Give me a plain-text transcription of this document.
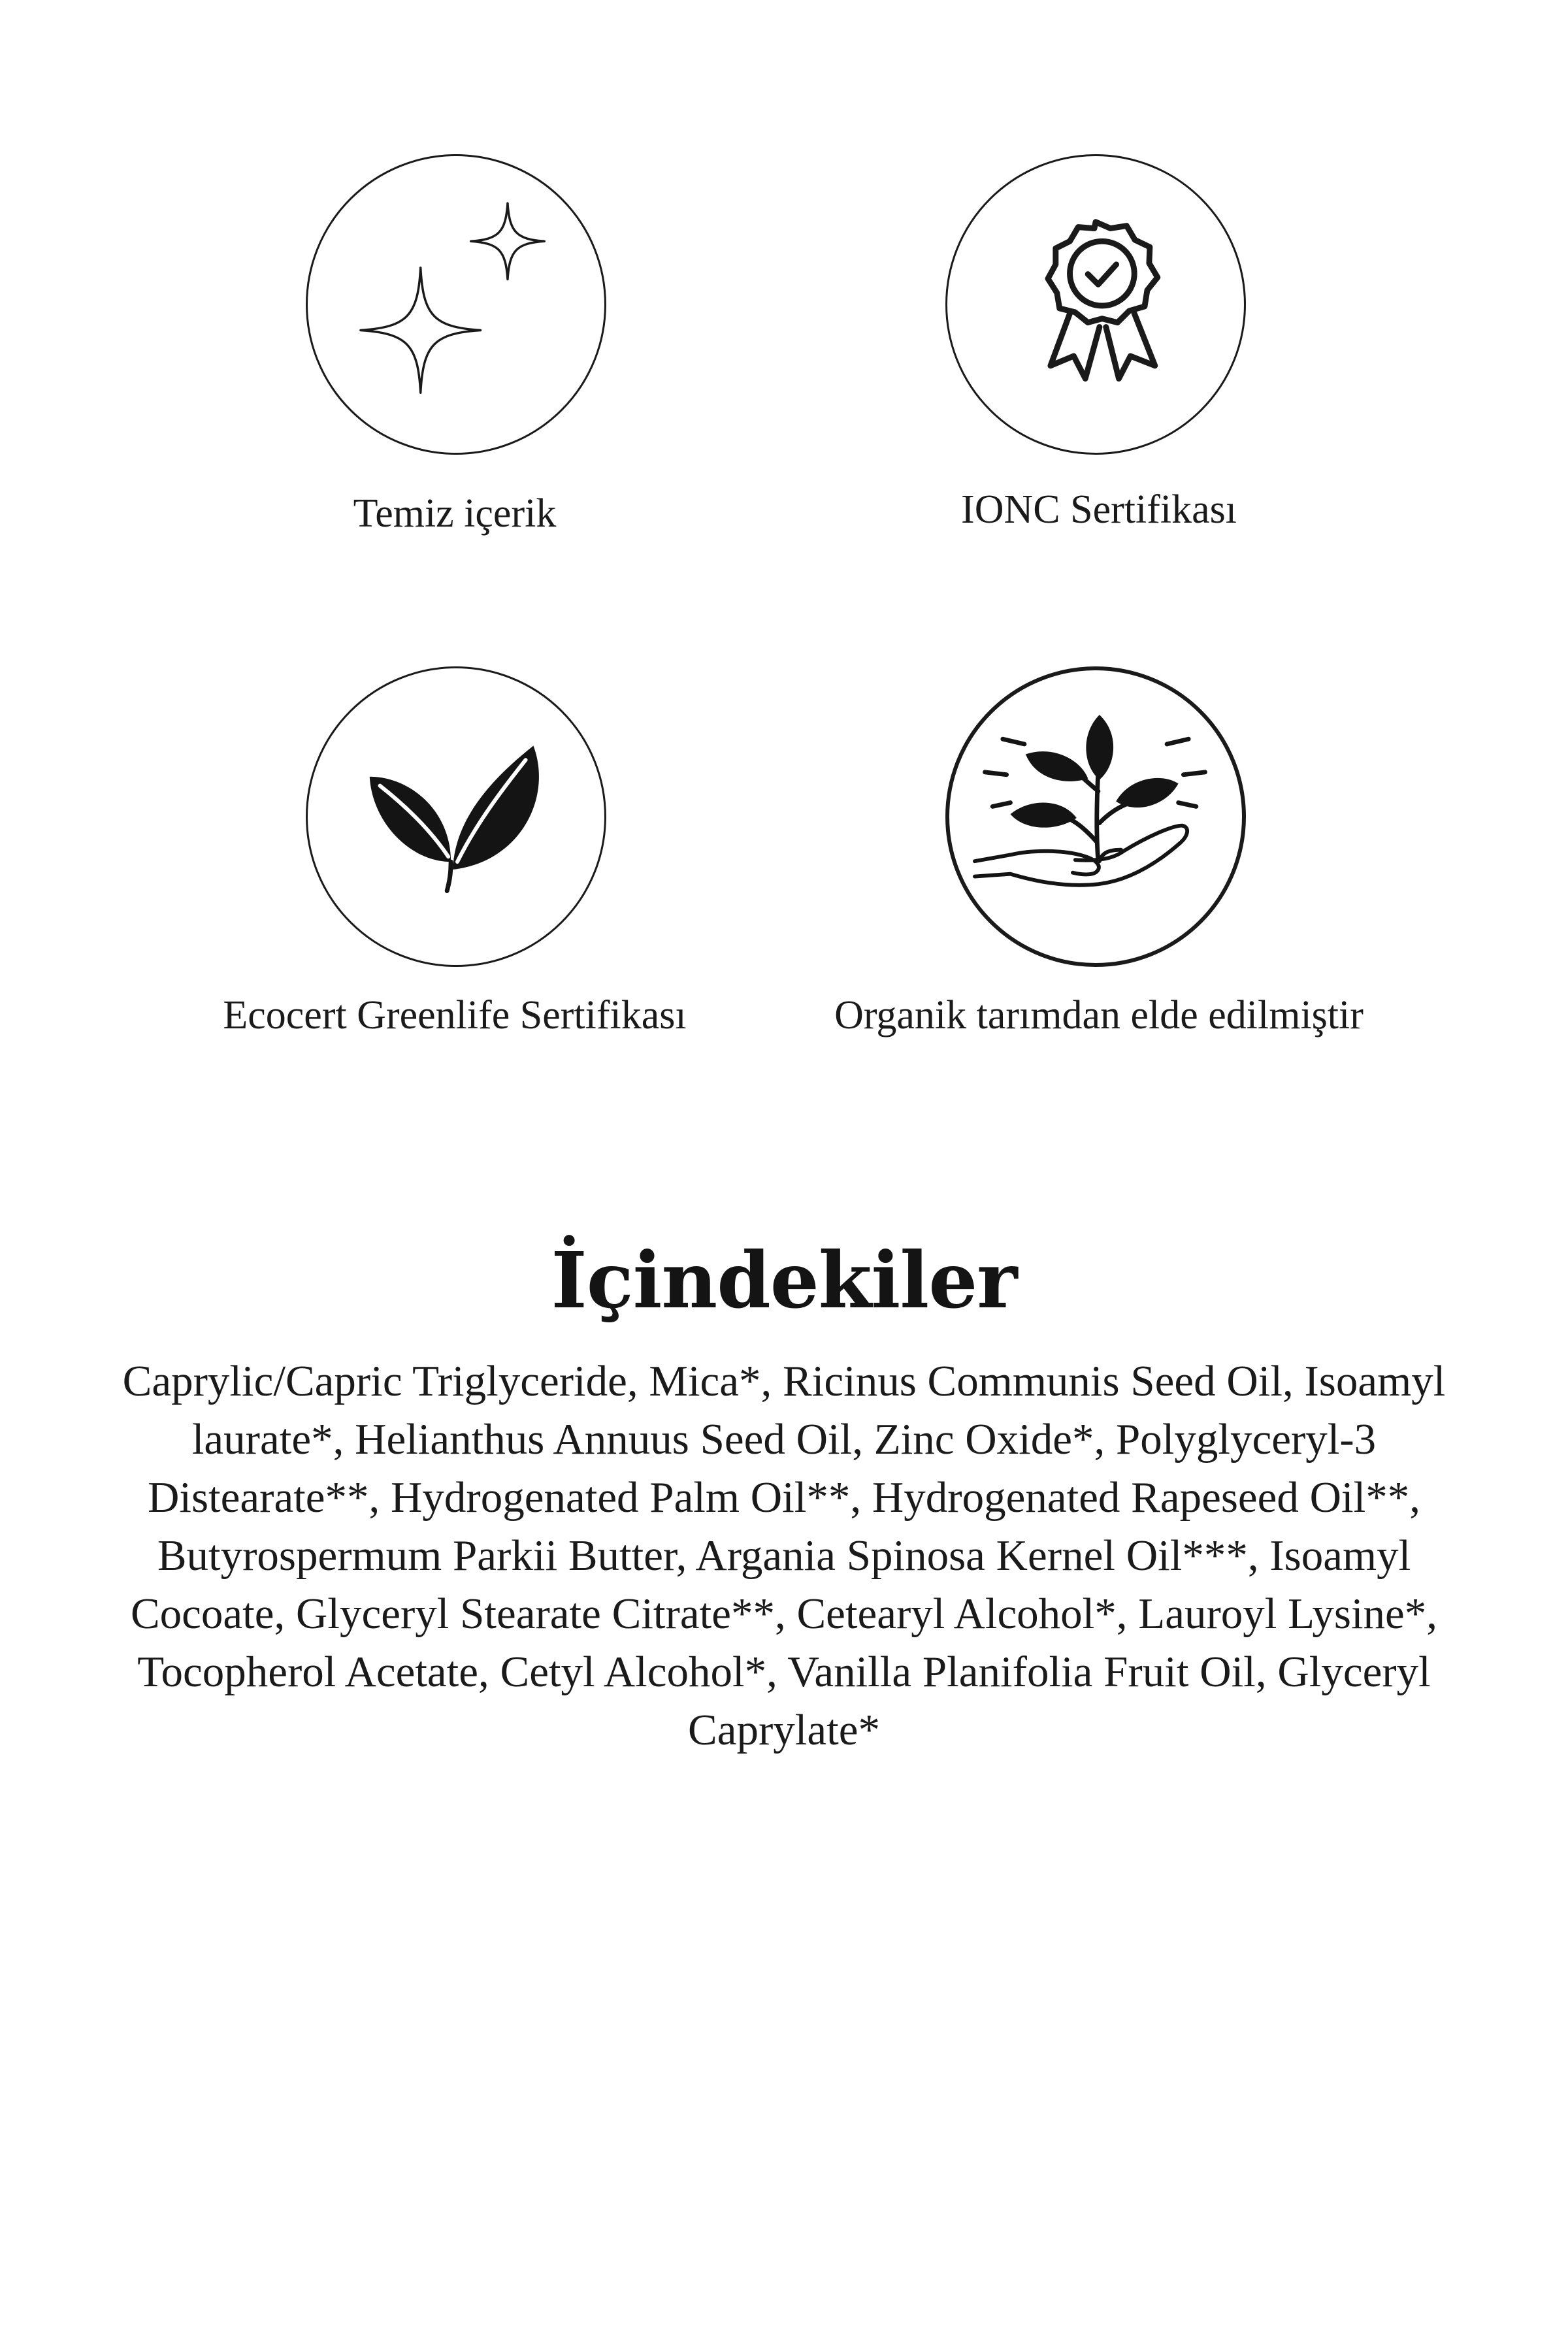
Temiz içerik	IONC Sertifikası
Ecocert Greenlife Sertifikası	Organik tarımdan elde edilmiştir
İçindekiler
Caprylic/Capric Triglyceride, Mica*, Ricinus Communis Seed Oil, Isoamyl laurate*, Helianthus Annuus Seed Oil, Zinc Oxide*, Polyglyceryl-3 Distearate**, Hydrogenated Palm Oil**, Hydrogenated Rapeseed Oil**, Butyrospermum Parkii Butter, Argania Spinosa Kernel Oil***, Isoamyl Cocoate, Glyceryl Stearate Citrate**, Cetearyl Alcohol*, Lauroyl Lysine*, Tocopherol Acetate, Cetyl Alcohol*, Vanilla Planifolia Fruit Oil, Glyceryl Caprylate*
